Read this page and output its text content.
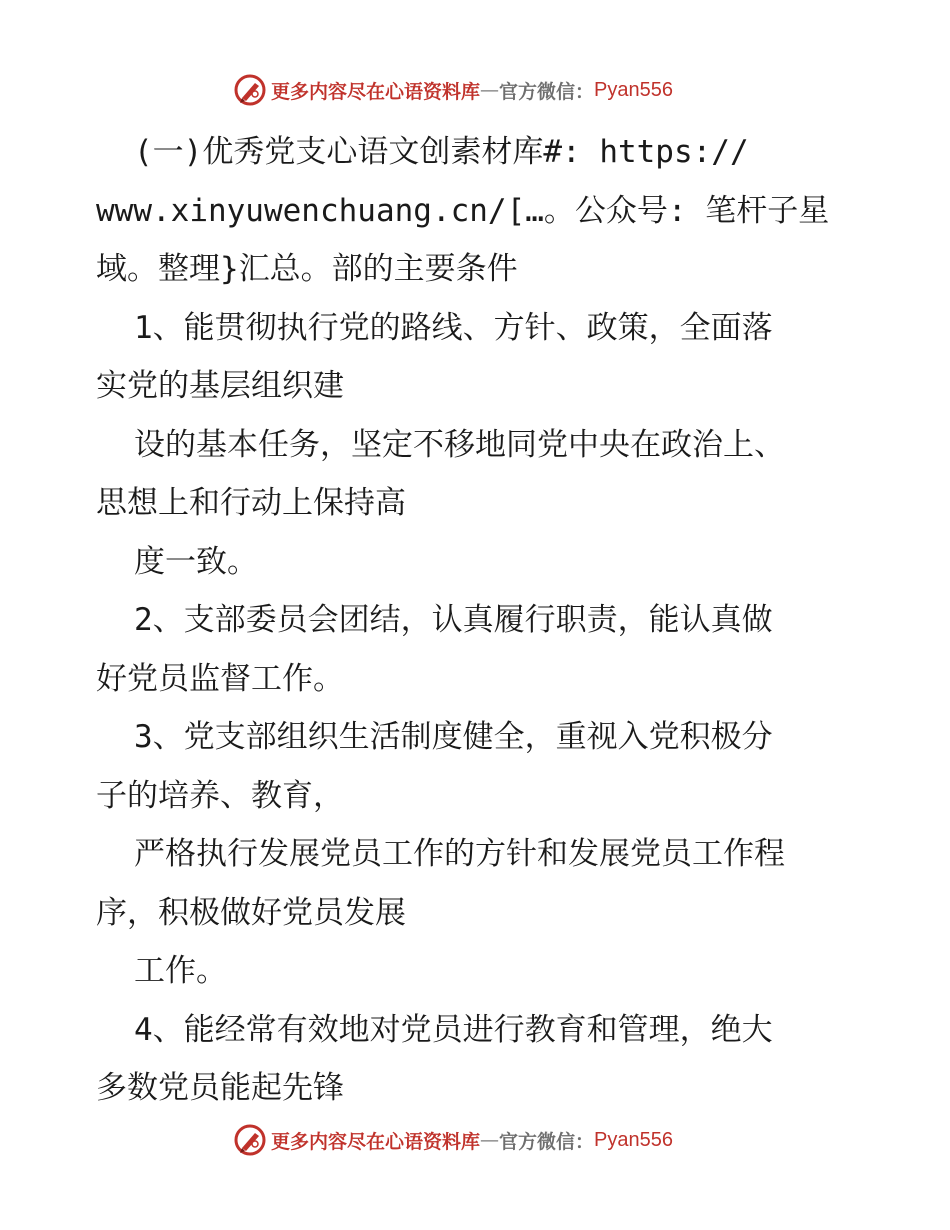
更多内容尽在心语资料库 — 官方微信： Pyan556

(一)优秀党支心语文创素材库#: https://

www.xinyuwenchuang.cn/[…。公众号: 笔杆子星

域。整理}汇总。部的主要条件

1、能贯彻执行党的路线、方针、政策，全面落

实党的基层组织建

设的基本任务，坚定不移地同党中央在政治上、

思想上和行动上保持高

度一致。

2、支部委员会团结，认真履行职责，能认真做

好党员监督工作。

3、党支部组织生活制度健全，重视入党积极分

子的培养、教育，

严格执行发展党员工作的方针和发展党员工作程

序，积极做好党员发展

工作。

4、能经常有效地对党员进行教育和管理，绝大

多数党员能起先锋

更多内容尽在心语资料库 — 官方微信： Pyan556
